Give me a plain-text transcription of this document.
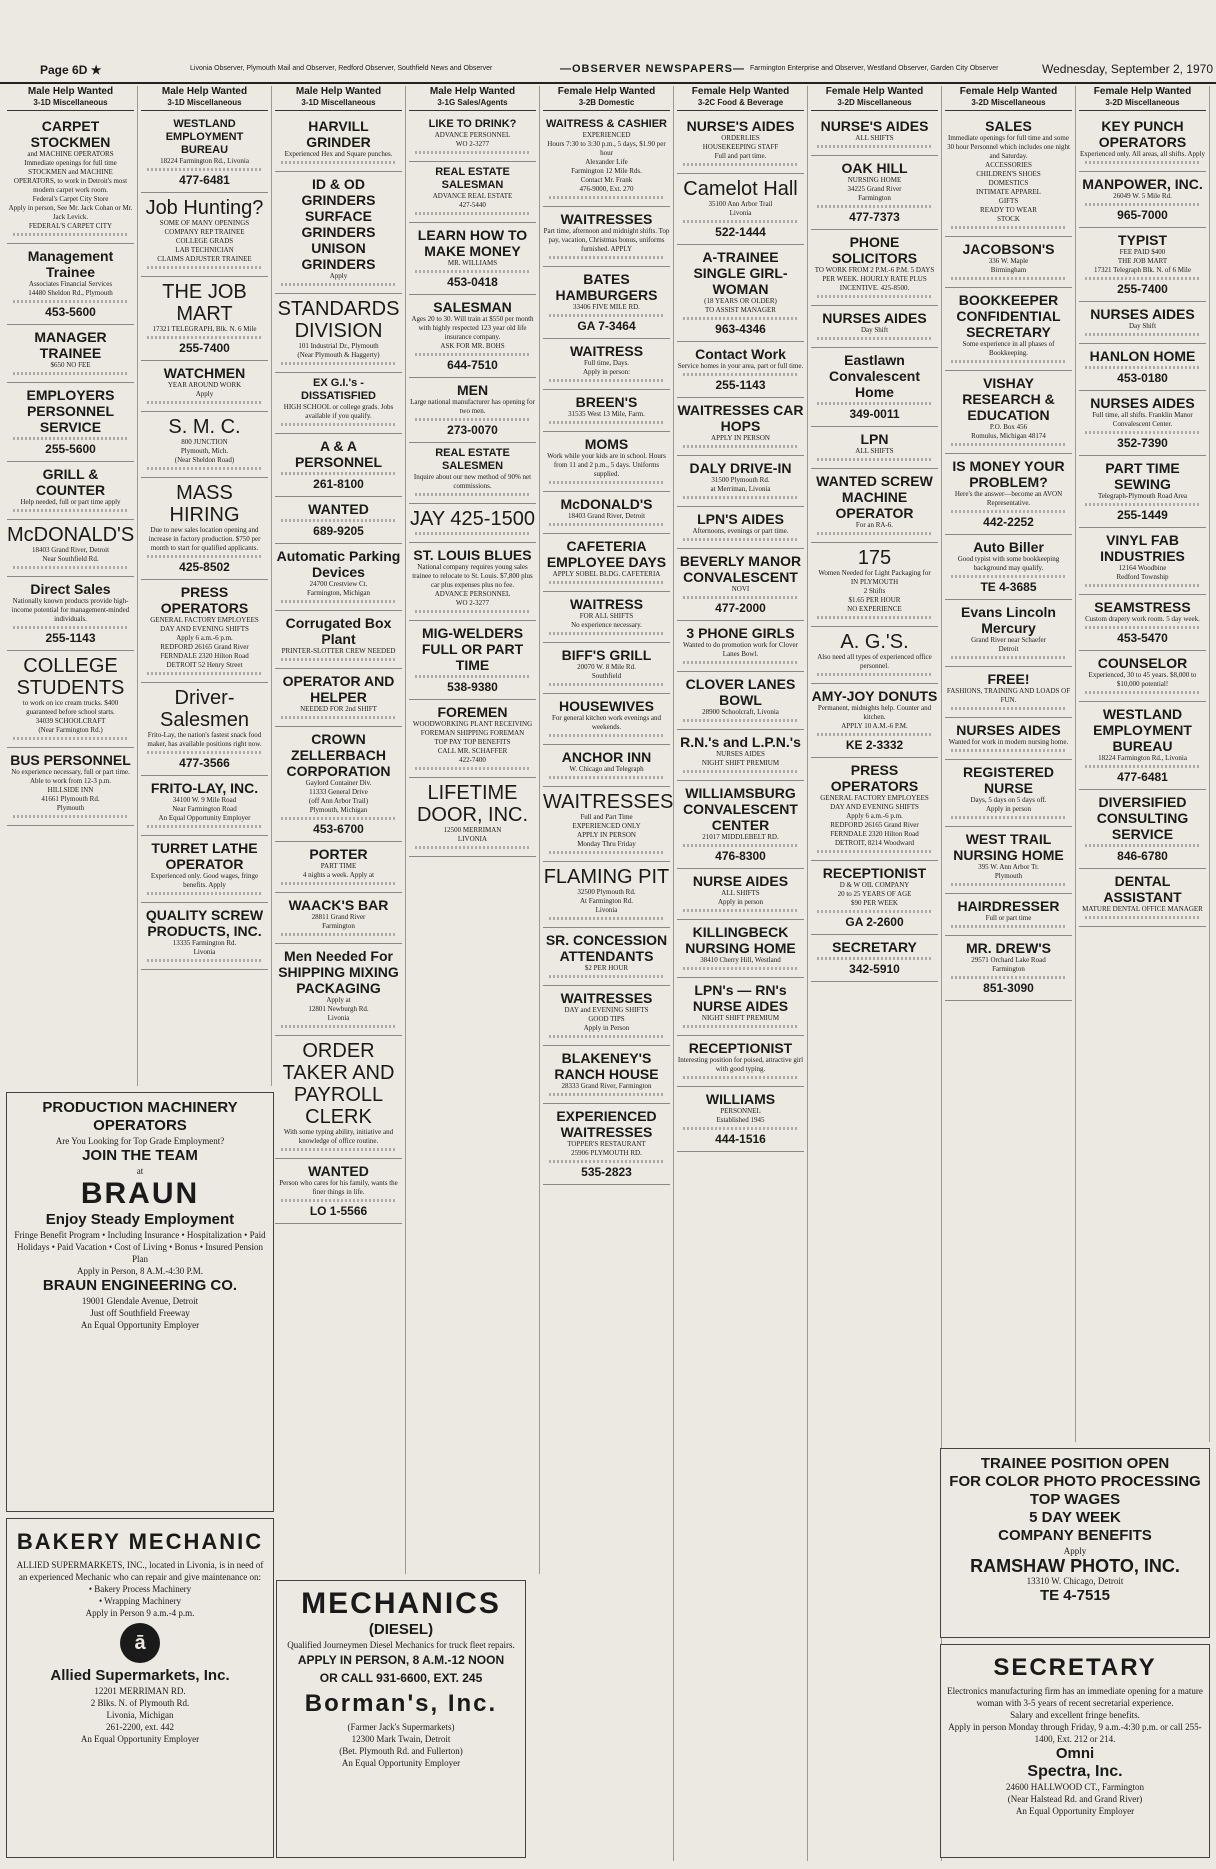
Page 6D ★	Livonia Observer, Plymouth Mail and Observer, Redford Observer, Southfield News and Observer	—OBSERVER NEWSPAPERS— Farmington Enterprise and Observer, Westland Observer, Garden City Observer	Wednesday, September 2, 1970
Male Help Wanted
3-1D Miscellaneous
CARPET STOCKMEN
and MACHINE OPERATORS
Immediate openings for full time STOCKMEN and MACHINE OPERATORS, to work in Detroit's most modern carpet work room.
Federal's Carpet City Store
Apply in person, See Mr. Jack Cohan or Mr. Jack Levick.
FEDERAL'S CARPET CITY
Management Trainee
Associates Financial Services
14480 Sheldon Rd., Plymouth
453-5600
MANAGER TRAINEE
$650 NO FEE
EMPLOYERS PERSONNEL SERVICE
255-5600
GRILL & COUNTER
Help needed, full or part time apply
McDONALD'S
18403 Grand River, Detroit
Near Southfield Rd.
Direct Sales
Nationally known products provide high-income potential for management-minded individuals.
255-1143
COLLEGE STUDENTS
to work on ice cream trucks. $400 guaranteed before school starts.
34039 SCHOOLCRAFT
(Near Farmington Rd.)
BUS PERSONNEL
No experience necessary, full or part time. Able to work from 12-3 p.m.
HILLSIDE INN
41661 Plymouth Rd.
Plymouth
Male Help Wanted
3-1D Miscellaneous
WESTLAND EMPLOYMENT BUREAU
18224 Farmington Rd., Livonia
477-6481
Job Hunting?
SOME OF MANY OPENINGS
COMPANY REP TRAINEE
COLLEGE GRADS
LAB TECHNICIAN
CLAIMS ADJUSTER TRAINEE
THE JOB MART
17321 TELEGRAPH, Blk. N. 6 Mile
255-7400
WATCHMEN
YEAR AROUND WORK
Apply
S. M. C.
800 JUNCTION
Plymouth, Mich.
(Near Sheldon Road)
MASS HIRING
Due to new sales location opening and increase in factory production. $750 per month to start for qualified applicants.
425-8502
PRESS OPERATORS
GENERAL FACTORY EMPLOYEES
DAY AND EVENING SHIFTS
Apply 6 a.m.-6 p.m.
REDFORD 26165 Grand River
FERNDALE 2320 Hilton Road
DETROIT 52 Henry Street
Driver-Salesmen
Frito-Lay, the nation's fastest snack food maker, has available positions right now.
477-3566
FRITO-LAY, INC.
34100 W. 9 Mile Road
Near Farmington Road
An Equal Opportunity Employer
TURRET LATHE OPERATOR
Experienced only. Good wages, fringe benefits. Apply
QUALITY SCREW PRODUCTS, INC.
13335 Farmington Rd.
Livonia
Male Help Wanted
3-1D Miscellaneous
HARVILL GRINDER
Experienced Hex and Square punches.
ID & OD GRINDERS SURFACE GRINDERS UNISON GRINDERS
Apply
STANDARDS DIVISION
101 Industrial Dr., Plymouth
(Near Plymouth & Haggerty)
EX G.I.'s - DISSATISFIED
HIGH SCHOOL or college grads. Jobs available if you qualify.
A & A PERSONNEL
261-8100
WANTED
689-9205
Automatic Parking Devices
24700 Crestview Ct.
Farmington, Michigan
Corrugated Box Plant
PRINTER-SLOTTER CREW NEEDED
OPERATOR AND HELPER
NEEDED FOR 2nd SHIFT
CROWN ZELLERBACH CORPORATION
Gaylord Container Div.
11333 General Drive
(off Ann Arbor Trail)
Plymouth, Michigan
453-6700
PORTER
PART TIME
4 nights a week. Apply at
WAACK'S BAR
28811 Grand River
Farmington
Men Needed For SHIPPING MIXING PACKAGING
Apply at
12801 Newburgh Rd.
Livonia
ORDER TAKER AND PAYROLL CLERK
With some typing ability, initiative and knowledge of office routine.
WANTED
Person who cares for his family, wants the finer things in life.
LO 1-5566
Male Help Wanted
3-1G Sales/Agents
LIKE TO DRINK?
ADVANCE PERSONNEL
WO 2-3277
REAL ESTATE SALESMAN
ADVANCE REAL ESTATE
427-5440
LEARN HOW TO MAKE MONEY
MR. WILLIAMS
453-0418
SALESMAN
Ages 20 to 30. Will train at $550 per month with highly respected 123 year old life insurance company.
ASK FOR MR. BOHS
644-7510
MEN
Large national manufacturer has opening for two men.
273-0070
REAL ESTATE SALESMEN
Inquire about our new method of 90% net commissions.
JAY 425-1500
ST. LOUIS BLUES
National company requires young sales trainee to relocate to St. Louis. $7,800 plus car plus expenses plus no fee.
ADVANCE PERSONNEL
WO 2-3277
MIG-WELDERS FULL OR PART TIME
538-9380
FOREMEN
WOODWORKING PLANT RECEIVING FOREMAN SHIPPING FOREMAN
TOP PAY TOP BENEFITS
CALL MR. SCHAFFER
422-7400
LIFETIME DOOR, INC.
12500 MERRIMAN
LIVONIA
Female Help Wanted
3-2B Domestic
WAITRESS & CASHIER
EXPERIENCED
Hours 7:30 to 3:30 p.m., 5 days, $1.90 per hour
Alexander Life
Farmington 12 Mile Rds.
Contact Mr. Frank
476-9000, Ext. 270
WAITRESSES
Part time, afternoon and midnight shifts. Top pay, vacation, Christmas bonus, uniforms furnished. APPLY
BATES HAMBURGERS
33406 FIVE MILE RD.
GA 7-3464
WAITRESS
Full time, Days.
Apply in person:
BREEN'S
31535 West 13 Mile, Farm.
MOMS
Work while your kids are in school. Hours from 11 and 2 p.m., 5 days. Uniforms supplied.
McDONALD'S
18403 Grand River, Detroit
CAFETERIA EMPLOYEE DAYS
APPLY SOBEL BLDG. CAFETERIA
WAITRESS
FOR ALL SHIFTS
No experience necessary.
BIFF'S GRILL
20070 W. 8 Mile Rd.
Southfield
HOUSEWIVES
For general kitchen work evenings and weekends.
ANCHOR INN
W. Chicago and Telegraph
WAITRESSES
Full and Part Time
EXPERIENCED ONLY
APPLY IN PERSON
Monday Thru Friday
FLAMING PIT
32500 Plymouth Rd.
At Farmington Rd.
Livonia
SR. CONCESSION ATTENDANTS
$2 PER HOUR
WAITRESSES
DAY and EVENING SHIFTS
GOOD TIPS
Apply in Person
BLAKENEY'S RANCH HOUSE
28333 Grand River, Farmington
EXPERIENCED WAITRESSES
TOPPER'S RESTAURANT
25906 PLYMOUTH RD.
535-2823
Female Help Wanted
3-2C Food & Beverage
NURSE'S AIDES
ORDERLIES
HOUSEKEEPING STAFF
Full and part time.
Camelot Hall
35100 Ann Arbor Trail
Livonia
522-1444
A-TRAINEE SINGLE GIRL-WOMAN
(18 YEARS OR OLDER)
TO ASSIST MANAGER
963-4346
Contact Work
Service homes in your area, part or full time.
255-1143
WAITRESSES CAR HOPS
APPLY IN PERSON
DALY DRIVE-IN
31500 Plymouth Rd.
at Merriman, Livonia
LPN'S AIDES
Afternoons, evenings or part time.
BEVERLY MANOR CONVALESCENT
NOVI
477-2000
3 PHONE GIRLS
Wanted to do promotion work for Clover Lanes Bowl.
CLOVER LANES BOWL
28900 Schoolcraft, Livonia
R.N.'s and L.P.N.'s
NURSES AIDES
NIGHT SHIFT PREMIUM
WILLIAMSBURG CONVALESCENT CENTER
21017 MIDDLEBELT RD.
476-8300
NURSE AIDES
ALL SHIFTS
Apply in person
KILLINGBECK NURSING HOME
38410 Cherry Hill, Westland
LPN's — RN's NURSE AIDES
NIGHT SHIFT PREMIUM
RECEPTIONIST
Interesting position for poised, attractive girl with good typing.
WILLIAMS
PERSONNEL
Established 1945
444-1516
Female Help Wanted
3-2D Miscellaneous
NURSE'S AIDES
ALL SHIFTS
OAK HILL
NURSING HOME
34225 Grand River
Farmington
477-7373
PHONE SOLICITORS
TO WORK FROM 2 P.M.-6 P.M. 5 DAYS PER WEEK. HOURLY RATE PLUS INCENTIVE. 425-8500.
NURSES AIDES
Day Shift
Eastlawn Convalescent Home
349-0011
LPN
ALL SHIFTS
WANTED SCREW MACHINE OPERATOR
For an RA-6.
175
Women Needed for Light Packaging for
IN PLYMOUTH
2 Shifts
$1.65 PER HOUR
NO EXPERIENCE
A. G.'S.
Also need all types of experienced office personnel.
AMY-JOY DONUTS
Permanent, midnights help. Counter and kitchen.
APPLY 10 A.M.-6 P.M.
KE 2-3332
PRESS OPERATORS
GENERAL FACTORY EMPLOYEES
DAY AND EVENING SHIFTS
Apply 6 a.m.-6 p.m.
REDFORD 26165 Grand River
FERNDALE 2320 Hilton Road
DETROIT, 8214 Woodward
RECEPTIONIST
D & W OIL COMPANY
20 to 25 YEARS OF AGE
$90 PER WEEK
GA 2-2600
SECRETARY
342-5910
Female Help Wanted
3-2D Miscellaneous
SALES
Immediate openings for full time and some 30 hour Personnel which includes one night and Saturday.
ACCESSORIES
CHILDREN'S SHOES
DOMESTICS
INTIMATE APPAREL
GIFTS
READY TO WEAR
STOCK
JACOBSON'S
336 W. Maple
Birmingham
BOOKKEEPER CONFIDENTIAL SECRETARY
Some experience in all phases of Bookkeeping.
VISHAY RESEARCH & EDUCATION
P.O. Box 456
Romulus, Michigan 48174
IS MONEY YOUR PROBLEM?
Here's the answer—become an AVON Representative.
442-2252
Auto Biller
Good typist with some bookkeeping background may qualify.
TE 4-3685
Evans Lincoln Mercury
Grand River near Schaefer
Detroit
FREE!
FASHIONS, TRAINING AND LOADS OF FUN.
NURSES AIDES
Wanted for work in modern nursing home.
REGISTERED NURSE
Days, 5 days on 5 days off.
Apply in person
WEST TRAIL NURSING HOME
395 W. Ann Arbor Tr.
Plymouth
HAIRDRESSER
Full or part time
MR. DREW'S
29571 Orchard Lake Road
Farmington
851-3090
Female Help Wanted
3-2D Miscellaneous
KEY PUNCH OPERATORS
Experienced only. All areas, all shifts. Apply
MANPOWER, INC.
26049 W. 5 Mile Rd.
965-7000
TYPIST
FEE PAID $400
THE JOB MART
17321 Telegraph Blk. N. of 6 Mile
255-7400
NURSES AIDES
Day Shift
HANLON HOME
453-0180
NURSES AIDES
Full time, all shifts. Franklin Manor Convalescent Center.
352-7390
PART TIME SEWING
Telegraph-Plymouth Road Area
255-1449
VINYL FAB INDUSTRIES
12164 Woodbine
Redford Township
SEAMSTRESS
Custom drapery work room. 5 day week.
453-5470
COUNSELOR
Experienced, 30 to 45 years. $8,000 to $10,000 potential!
WESTLAND EMPLOYMENT BUREAU
18224 Farmington Rd., Livonia
477-6481
DIVERSIFIED CONSULTING SERVICE
846-6780
DENTAL ASSISTANT
MATURE DENTAL OFFICE MANAGER
PRODUCTION MACHINERY OPERATORS
Are You Looking for Top Grade Employment?
JOIN THE TEAM
at
BRAUN
Enjoy Steady Employment
Fringe Benefit Program • Including Insurance • Hospitalization • Paid Holidays • Paid Vacation • Cost of Living • Bonus • Insured Pension Plan
Apply in Person, 8 A.M.-4:30 P.M.
BRAUN ENGINEERING CO.
19001 Glendale Avenue, Detroit
Just off Southfield Freeway
An Equal Opportunity Employer
BAKERY MECHANIC
ALLIED SUPERMARKETS, INC., located in Livonia, is in need of an experienced Mechanic who can repair and give maintenance on:
• Bakery Process Machinery
• Wrapping Machinery
Apply in Person 9 a.m.-4 p.m.
ā
Allied Supermarkets, Inc.
12201 MERRIMAN RD.
2 Blks. N. of Plymouth Rd.
Livonia, Michigan
261-2200, ext. 442
An Equal Opportunity Employer
MECHANICS
(DIESEL)
Qualified Journeymen Diesel Mechanics for truck fleet repairs.
APPLY IN PERSON, 8 A.M.-12 NOON
OR CALL 931-6600, EXT. 245
Borman's, Inc.
(Farmer Jack's Supermarkets)
12300 Mark Twain, Detroit
(Bet. Plymouth Rd. and Fullerton)
An Equal Opportunity Employer
TRAINEE POSITION OPEN
FOR COLOR PHOTO PROCESSING
TOP WAGES
5 DAY WEEK
COMPANY BENEFITS
Apply
RAMSHAW PHOTO, INC.
13310 W. Chicago, Detroit
TE 4-7515
SECRETARY
Electronics manufacturing firm has an immediate opening for a mature woman with 3-5 years of recent secretarial experience.
Salary and excellent fringe benefits.
Apply in person Monday through Friday, 9 a.m.-4:30 p.m. or call 255-1400, Ext. 212 or 214.
Omni
Spectra, Inc.
24600 HALLWOOD CT., Farmington
(Near Halstead Rd. and Grand River)
An Equal Opportunity Employer
